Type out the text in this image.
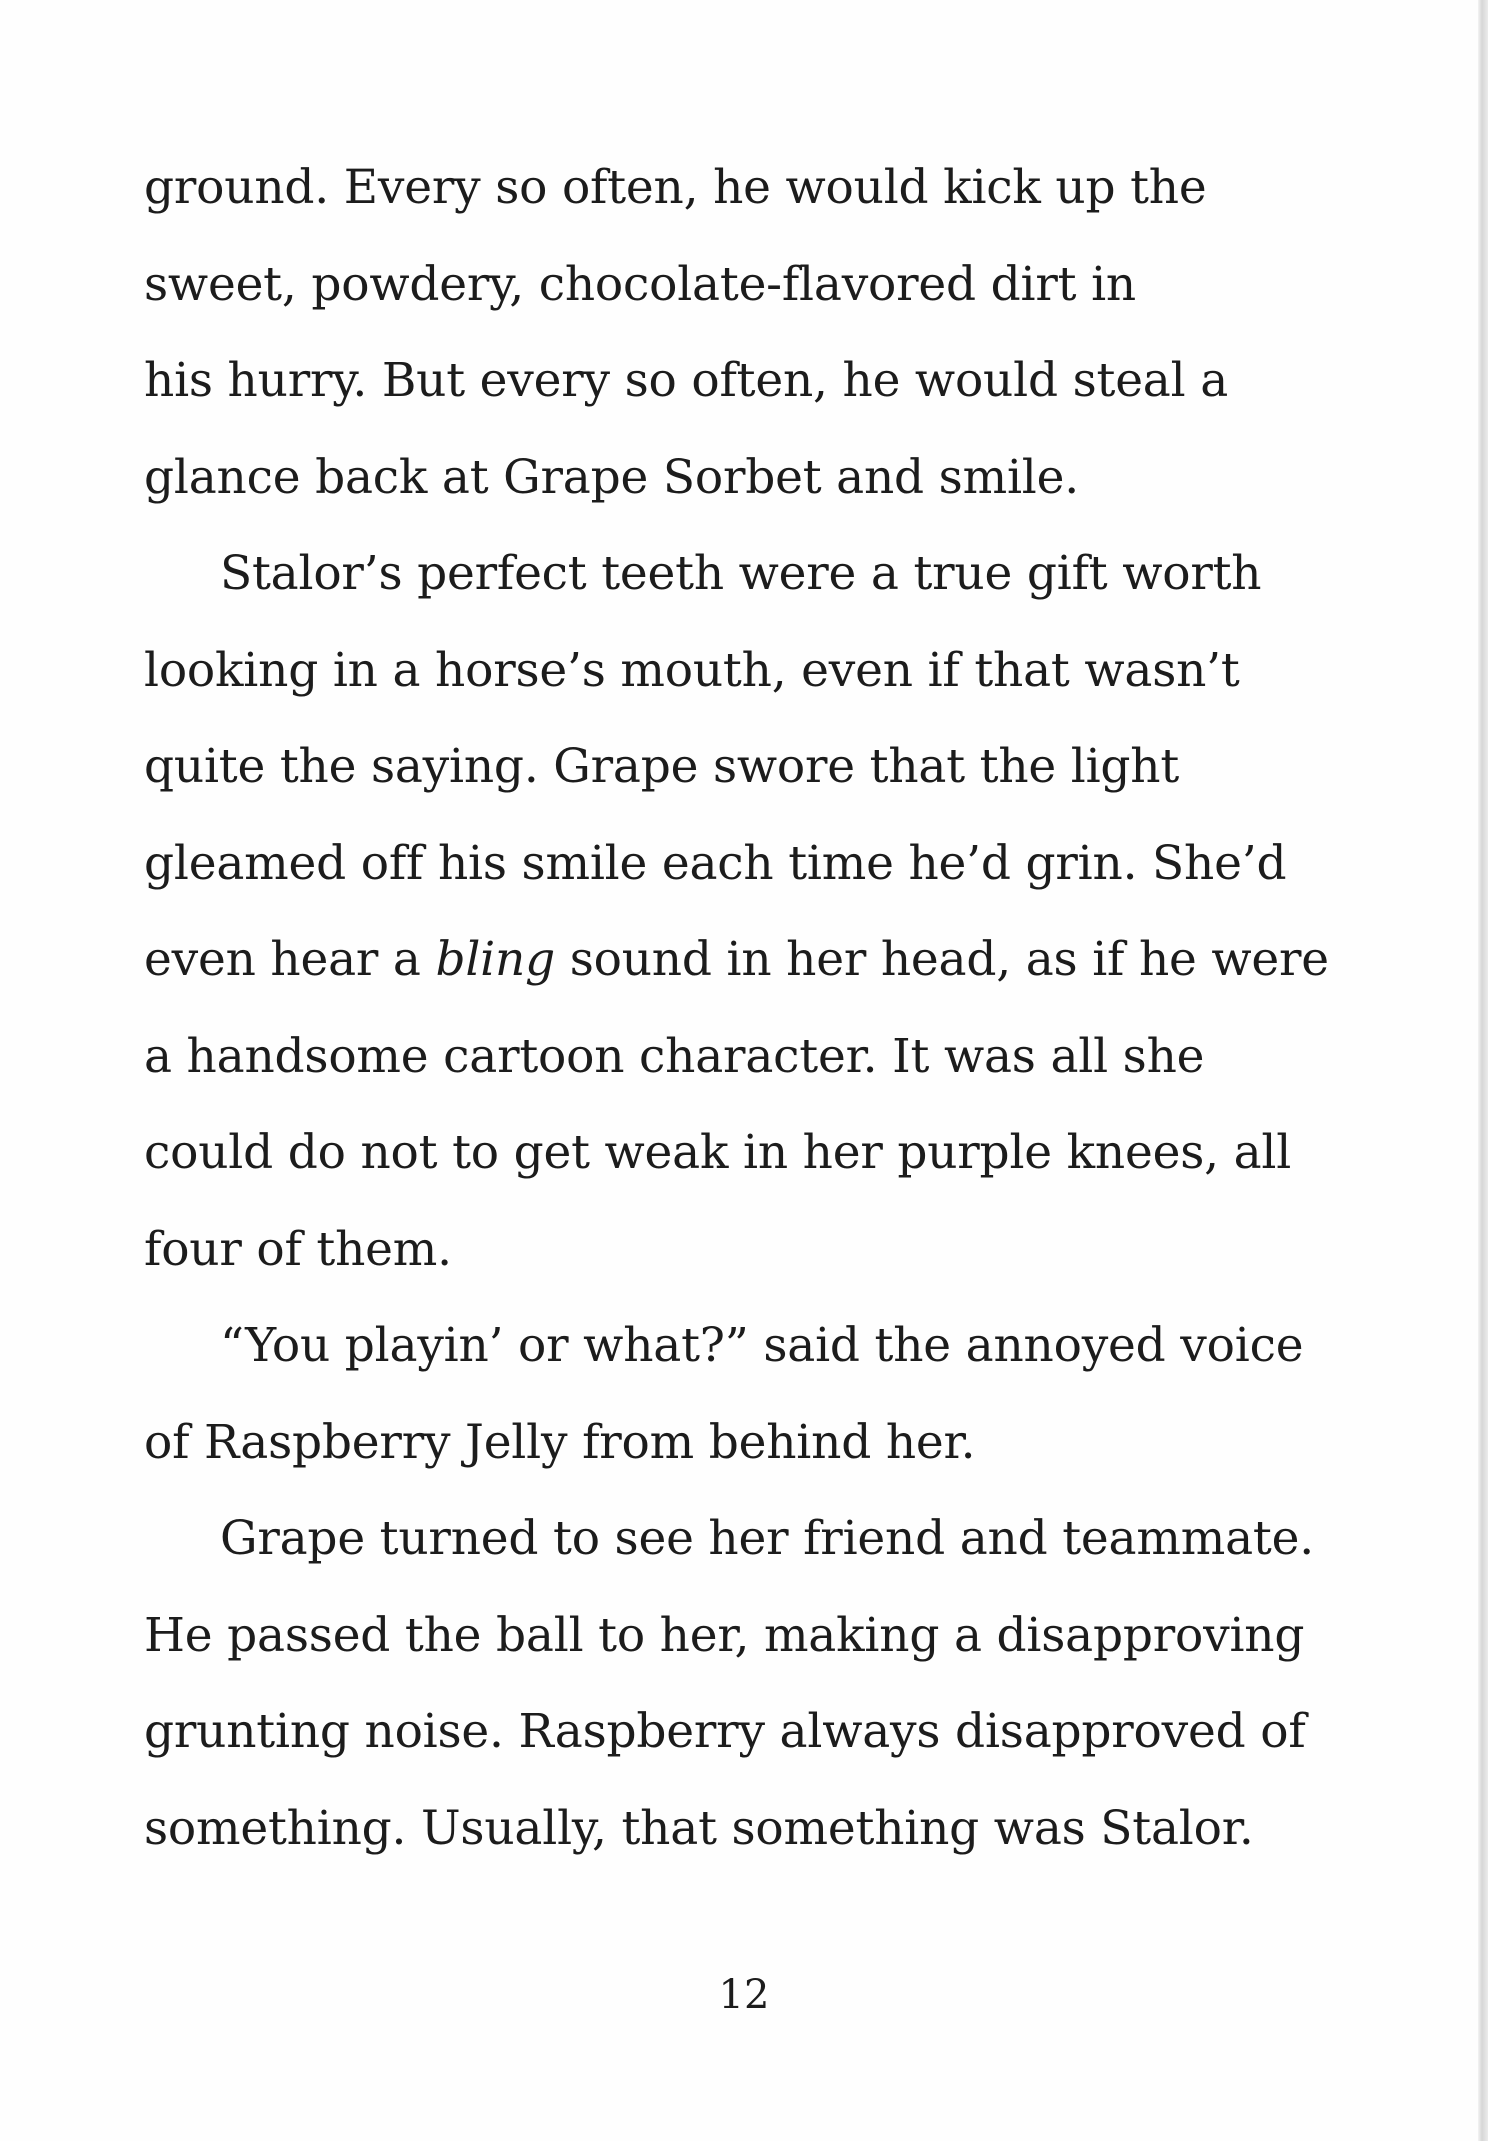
ground. Every so often, he would kick up the
sweet, powdery, chocolate-flavored dirt in
his hurry. But every so often, he would steal a
glance back at Grape Sorbet and smile.
Stalor’s perfect teeth were a true gift worth
looking in a horse’s mouth, even if that wasn’t
quite the saying. Grape swore that the light
gleamed off his smile each time he’d grin. She’d
even hear a bling sound in her head, as if he were
a handsome cartoon character. It was all she
could do not to get weak in her purple knees, all
four of them.
“You playin’ or what?” said the annoyed voice
of Raspberry Jelly from behind her.
Grape turned to see her friend and teammate.
He passed the ball to her, making a disapproving
grunting noise. Raspberry always disapproved of
something. Usually, that something was Stalor.
12
